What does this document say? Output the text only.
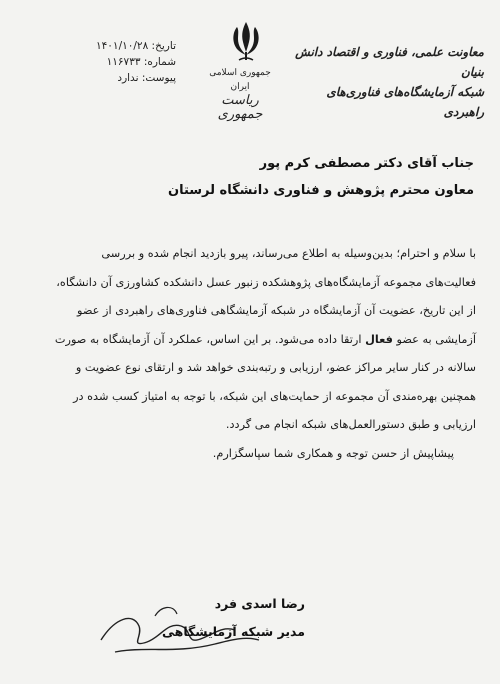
تاریخ: ۱۴۰۱/۱۰/۲۸
شماره: ۱۱۶۷۳۳
پیوست: ندارد	جمهوری اسلامی ایران
ریاست جمهوری
معاونت علمی، فناوری و اقتصاد دانش بنیان
شبکه آزمایشگاه‌های فناوری‌های راهبردی
جناب آقای دکتر مصطفی کرم پور
معاون محترم پژوهش و فناوری دانشگاه لرستان

با سلام و احترام؛ بدین‌وسیله به اطلاع می‌رساند، پیرو بازدید انجام شده و بررسی

فعالیت‌های مجموعه آزمایشگاه‌های پژوهشکده زنبور عسل دانشکده کشاورزی آن دانشگاه،

از این تاریخ، عضویت آن آزمایشگاه در شبکه آزمایشگاهی فناوری‌های راهبردی از عضو

آزمایشی به عضو فعال ارتقا داده می‌شود. بر این اساس، عملکرد آن آزمایشگاه به صورت

سالانه در کنار سایر مراکز عضو، ارزیابی و رتبه‌بندی خواهد شد و ارتقای نوع عضویت و

همچنین بهره‌مندی آن مجموعه از حمایت‌های این شبکه، با توجه به امتیاز کسب شده در

ارزیابی و طبق دستورالعمل‌های شبکه انجام می گردد.

پیشاپیش از حسن توجه و همکاری شما سپاسگزارم.

رضا اسدی فرد
مدیر شبکه آزمایشگاهی
